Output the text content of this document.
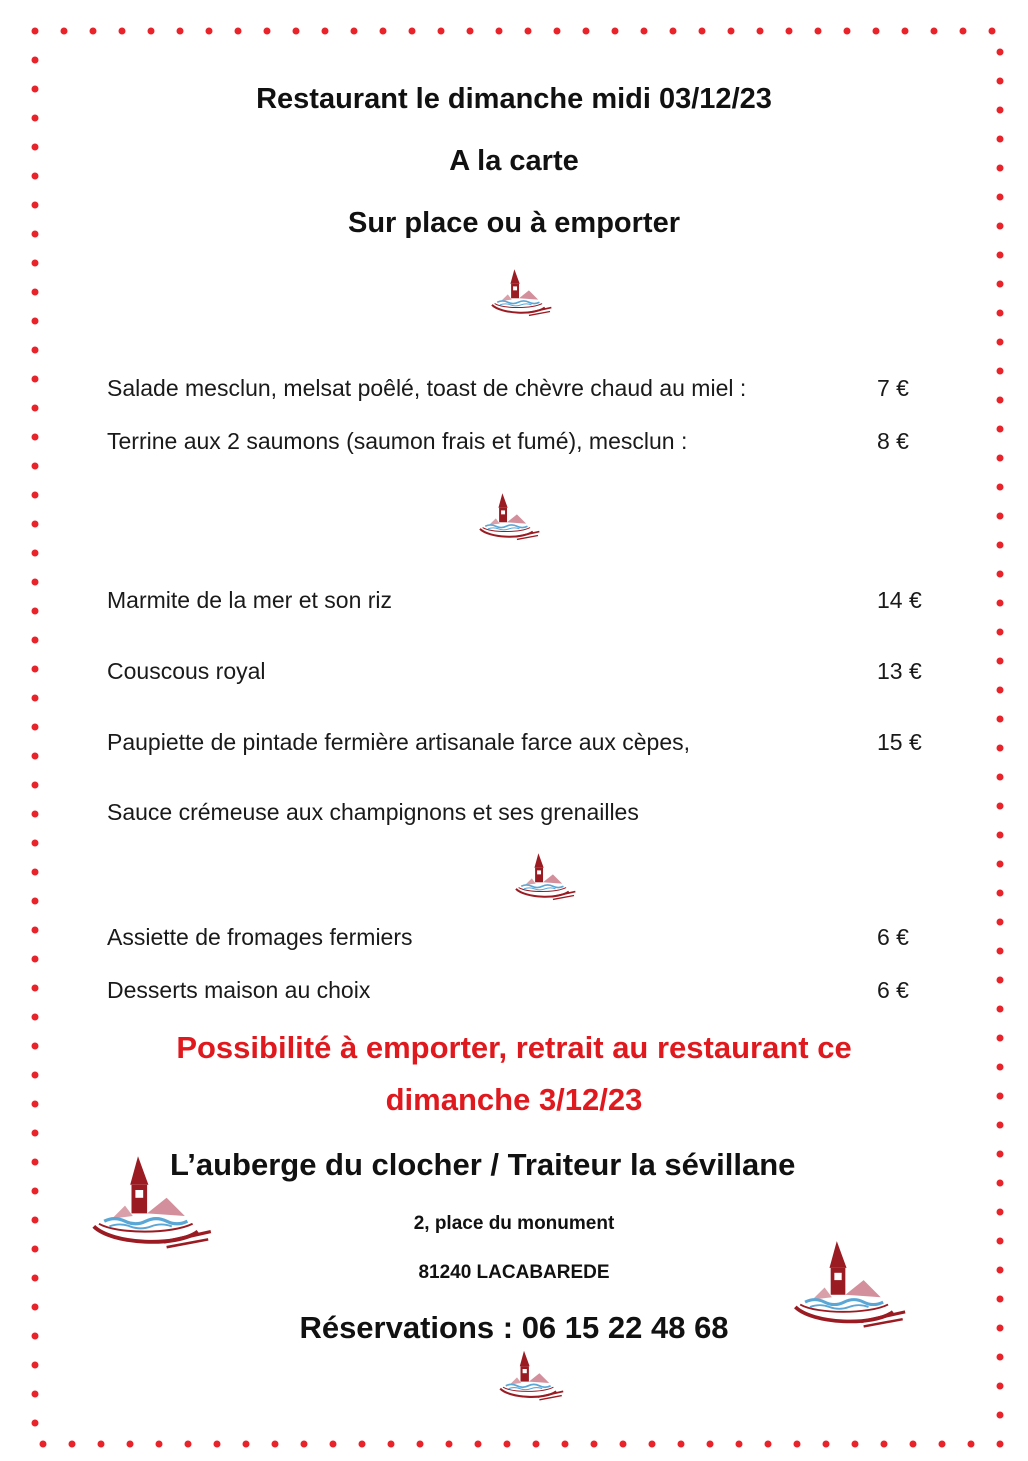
Restaurant le dimanche midi 03/12/23
A la carte
Sur place ou à emporter
Salade mesclun, melsat poêlé, toast de chèvre chaud au miel :	7 €
Terrine aux 2 saumons (saumon frais et fumé), mesclun :	8 €
Marmite de la mer et son riz	14 €
Couscous royal	13 €
Paupiette de pintade fermière artisanale farce aux cèpes,	15 €
Sauce crémeuse aux champignons et ses grenailles
Assiette de fromages fermiers	6 €
Desserts maison au choix	6 €
Possibilité à emporter, retrait au restaurant ce
dimanche 3/12/23
L’auberge du clocher / Traiteur la sévillane
2, place du monument
81240 LACABAREDE
Réservations : 06 15 22 48 68
